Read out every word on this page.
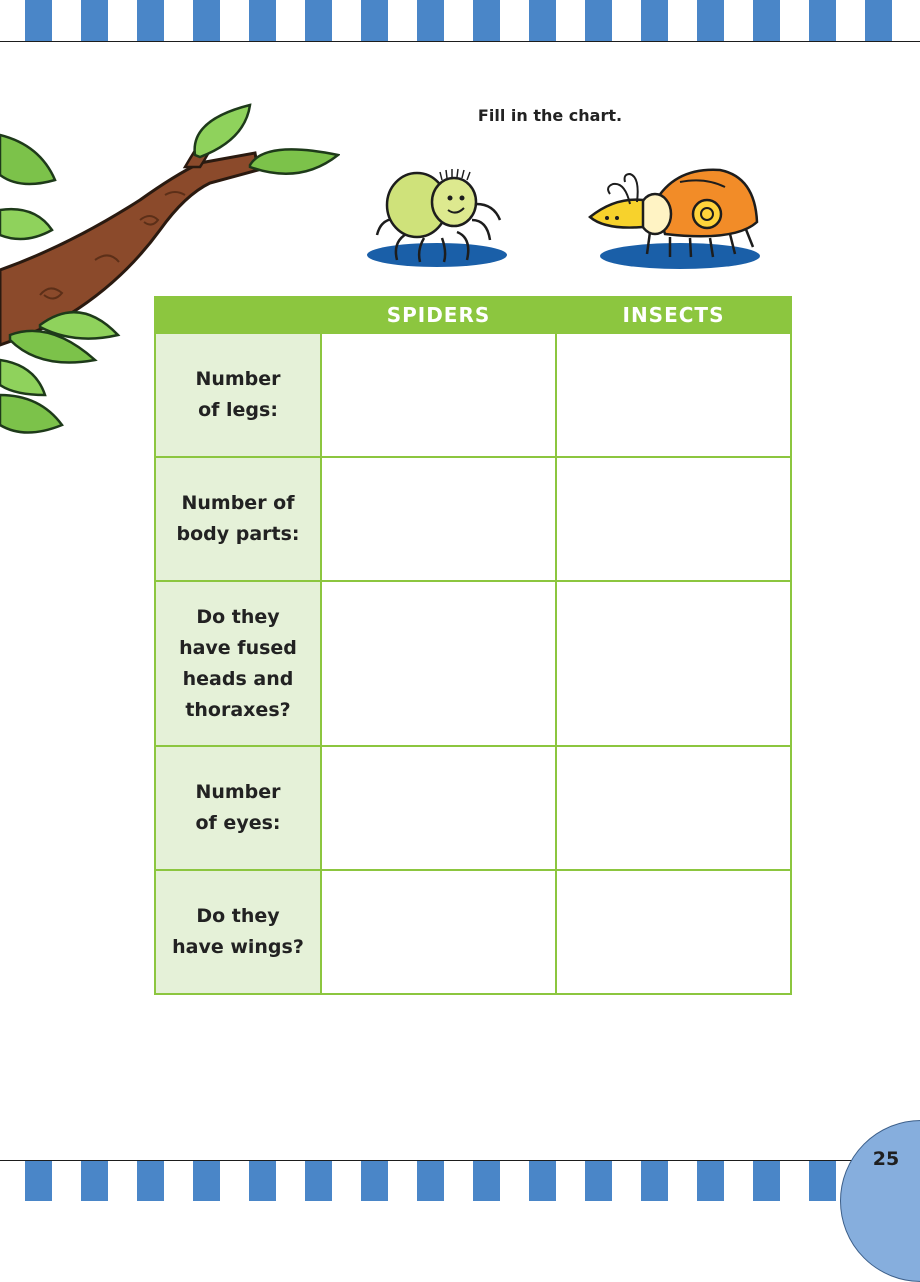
Fill in the chart.
	SPIDERS	INSECTS

Number
of legs:		

Number of
body parts:		

Do they
have fused
heads and
thoraxes?		

Number
of eyes:		

Do they
have wings?		

25
